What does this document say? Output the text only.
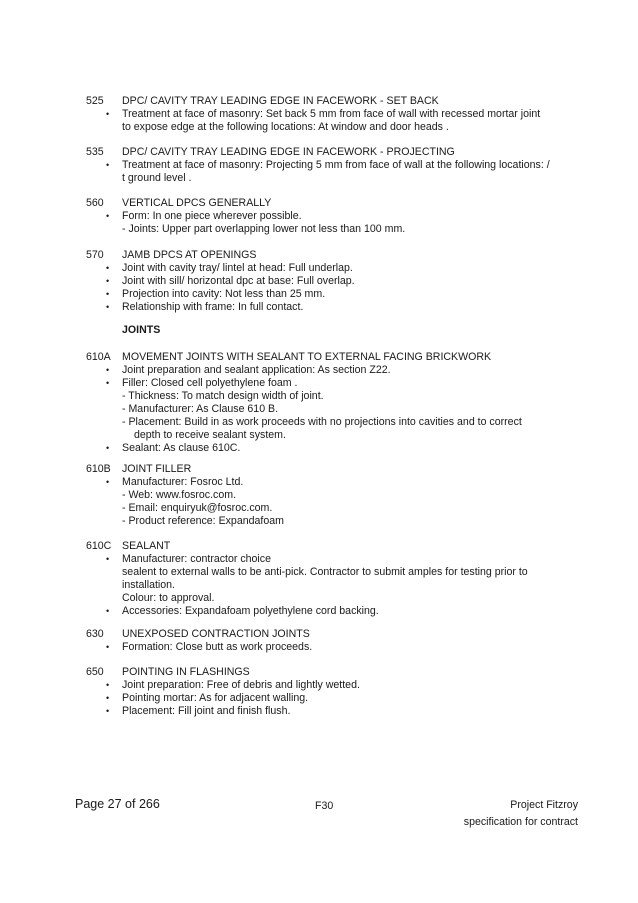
525	DPC/ CAVITY TRAY LEADING EDGE IN FACEWORK - SET BACK
• Treatment at face of masonry: Set back 5 mm from face of wall with recessed mortar joint
to expose edge at the following locations: At window and door heads .
535	DPC/ CAVITY TRAY LEADING EDGE IN FACEWORK - PROJECTING
• Treatment at face of masonry: Projecting 5 mm from face of wall at the following locations: /
t ground level .
560	VERTICAL DPCS GENERALLY
• Form: In one piece wherever possible.
- Joints: Upper part overlapping lower not less than 100 mm.
570	JAMB DPCS AT OPENINGS
• Joint with cavity tray/ lintel at head: Full underlap.
• Joint with sill/ horizontal dpc at base: Full overlap.
• Projection into cavity: Not less than 25 mm.
• Relationship with frame: In full contact.
JOINTS
610A	MOVEMENT JOINTS WITH SEALANT TO EXTERNAL FACING BRICKWORK
• Joint preparation and sealant application: As section Z22.
• Filler: Closed cell polyethylene foam .
- Thickness: To match design width of joint.
- Manufacturer: As Clause 610 B.
- Placement: Build in as work proceeds with no projections into cavities and to correct
depth to receive sealant system.
• Sealant: As clause 610C.
610B	JOINT FILLER
• Manufacturer: Fosroc Ltd.
- Web: www.fosroc.com.
- Email: enquiryuk@fosroc.com.
- Product reference: Expandafoam
610C	SEALANT
• Manufacturer: contractor choice
sealent to external walls to be anti-pick. Contractor to submit amples for testing prior to
installation.
Colour: to approval.
• Accessories: Expandafoam polyethylene cord backing.
630	UNEXPOSED CONTRACTION JOINTS
• Formation: Close butt as work proceeds.
650	POINTING IN FLASHINGS
• Joint preparation: Free of debris and lightly wetted.
• Pointing mortar: As for adjacent walling.
• Placement: Fill joint and finish flush.
Page 27 of 266	F30	Project Fitzroy
specification for contract
